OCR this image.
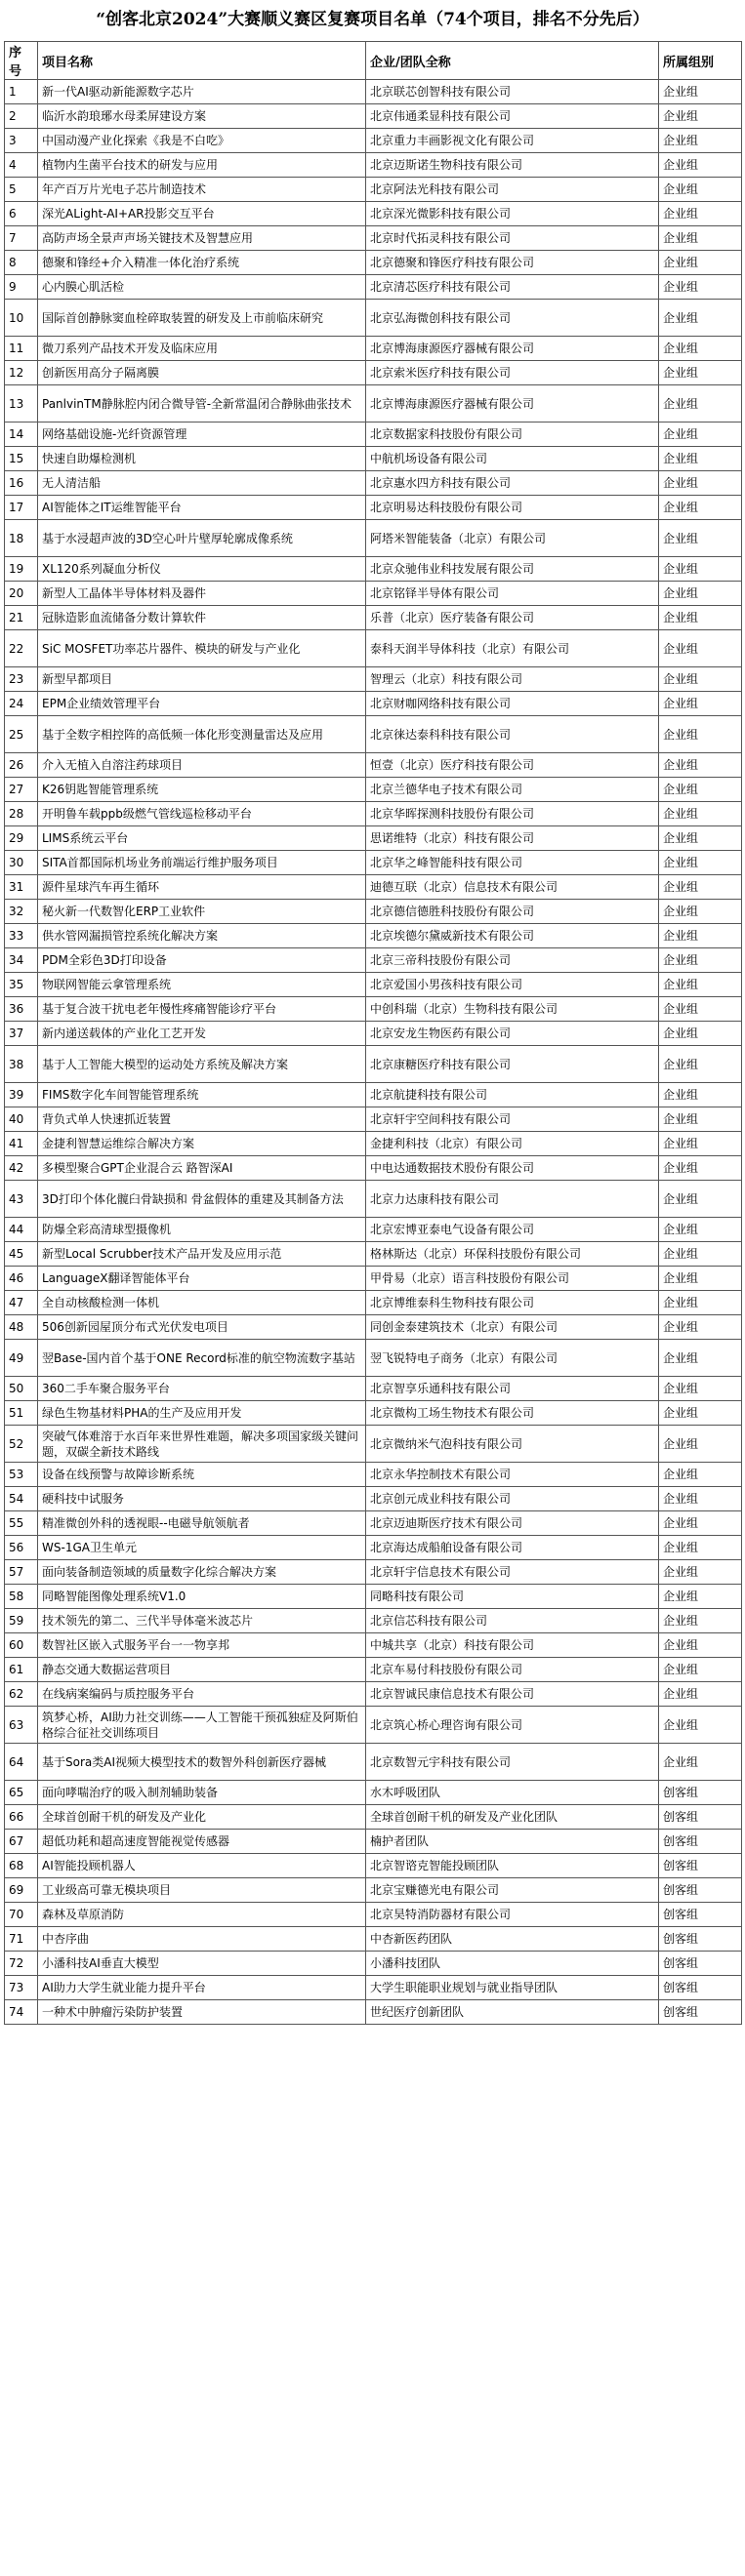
“创客北京2024”大赛顺义赛区复赛项目名单（74个项目，排名不分先后）
序号	项目名称	企业/团队全称	所属组别
1	新一代AI驱动新能源数字芯片	北京联芯创智科技有限公司	企业组
2	临沂水韵琅琊水母柔屏建设方案	北京伟通柔显科技有限公司	企业组
3	中国动漫产业化探索《我是不白吃》	北京重力丰画影视文化有限公司	企业组
4	植物内生菌平台技术的研发与应用	北京迈斯诺生物科技有限公司	企业组
5	年产百万片光电子芯片制造技术	北京阿法光科技有限公司	企业组
6	深光ALight-AI+AR投影交互平台	北京深光微影科技有限公司	企业组
7	高防声场全景声声场关键技术及智慧应用	北京时代拓灵科技有限公司	企业组
8	德聚和锋经+介入精准一体化治疗系统	北京德聚和锋医疗科技有限公司	企业组
9	心内膜心肌活检	北京清芯医疗科技有限公司	企业组
10	国际首创静脉窦血栓碎取装置的研发及上市前临床研究	北京弘海微创科技有限公司	企业组
11	微刀系列产品技术开发及临床应用	北京博海康源医疗器械有限公司	企业组
12	创新医用高分子隔离膜	北京索米医疗科技有限公司	企业组
13	PanlvinTM静脉腔内闭合微导管-全新常温闭合静脉曲张技术	北京博海康源医疗器械有限公司	企业组
14	网络基础设施-光纤资源管理	北京数据家科技股份有限公司	企业组
15	快速自助爆检测机	中航机场设备有限公司	企业组
16	无人清洁船	北京惠水四方科技有限公司	企业组
17	AI智能体之IT运维智能平台	北京明易达科技股份有限公司	企业组
18	基于水浸超声波的3D空心叶片壁厚轮廓成像系统	阿塔米智能装备（北京）有限公司	企业组
19	XL120系列凝血分析仪	北京众驰伟业科技发展有限公司	企业组
20	新型人工晶体半导体材料及器件	北京铭铎半导体有限公司	企业组
21	冠脉造影血流储备分数计算软件	乐普（北京）医疗装备有限公司	企业组
22	SiC MOSFET功率芯片器件、模块的研发与产业化	泰科天润半导体科技（北京）有限公司	企业组
23	新型早都项目	智理云（北京）科技有限公司	企业组
24	EPM企业绩效管理平台	北京财咖网络科技有限公司	企业组
25	基于全数字相控阵的高低频一体化形变测量雷达及应用	北京徕达泰科科技有限公司	企业组
26	介入无植入自溶注药球项目	恒壹（北京）医疗科技有限公司	企业组
27	K26钥匙智能管理系统	北京兰德华电子技术有限公司	企业组
28	开明鲁车载ppb级燃气管线巡检移动平台	北京华晖探测科技股份有限公司	企业组
29	LIMS系统云平台	思诺维特（北京）科技有限公司	企业组
30	SITA首都国际机场业务前端运行维护服务项目	北京华之峰智能科技有限公司	企业组
31	源件星球汽车再生循环	迪德互联（北京）信息技术有限公司	企业组
32	秘火新一代数智化ERP工业软件	北京德信德胜科技股份有限公司	企业组
33	供水管网漏损管控系统化解决方案	北京埃德尔黛威新技术有限公司	企业组
34	PDM全彩色3D打印设备	北京三帝科技股份有限公司	企业组
35	物联网智能云拿管理系统	北京爱国小男孩科技有限公司	企业组
36	基于复合波干扰电老年慢性疼痛智能诊疗平台	中创科瑞（北京）生物科技有限公司	企业组
37	新内递送载体的产业化工艺开发	北京安龙生物医药有限公司	企业组
38	基于人工智能大模型的运动处方系统及解决方案	北京康糖医疗科技有限公司	企业组
39	FIMS数字化车间智能管理系统	北京航捷科技有限公司	企业组
40	背负式单人快速抓近装置	北京轩宇空间科技有限公司	企业组
41	金捷利智慧运维综合解决方案	金捷利科技（北京）有限公司	企业组
42	多模型聚合GPT企业混合云 路智深AI	中电达通数据技术股份有限公司	企业组
43	3D打印个体化髋臼骨缺损和 骨盆假体的重建及其制备方法	北京力达康科技有限公司	企业组
44	防爆全彩高清球型摄像机	北京宏博亚泰电气设备有限公司	企业组
45	新型Local Scrubber技术产品开发及应用示范	格林斯达（北京）环保科技股份有限公司	企业组
46	LanguageX翻译智能体平台	甲骨易（北京）语言科技股份有限公司	企业组
47	全自动核酸检测一体机	北京博维泰科生物科技有限公司	企业组
48	506创新园屋顶分布式光伏发电项目	同创金泰建筑技术（北京）有限公司	企业组
49	翌Base-国内首个基于ONE Record标准的航空物流数字基站	翌飞锐特电子商务（北京）有限公司	企业组
50	360二手车聚合服务平台	北京智享乐通科技有限公司	企业组
51	绿色生物基材料PHA的生产及应用开发	北京微构工场生物技术有限公司	企业组
52	突破气体难溶于水百年来世界性难题，解决多项国家级关键问题，双碳全新技术路线	北京微纳米气泡科技有限公司	企业组
53	设备在线预警与故障诊断系统	北京永华控制技术有限公司	企业组
54	硬科技中试服务	北京创元成业科技有限公司	企业组
55	精准微创外科的透视眼--电磁导航领航者	北京迈迪斯医疗技术有限公司	企业组
56	WS-1GA卫生单元	北京海达成船舶设备有限公司	企业组
57	面向装备制造领域的质量数字化综合解决方案	北京轩宇信息技术有限公司	企业组
58	同略智能图像处理系统V1.0	同略科技有限公司	企业组
59	技术领先的第二、三代半导体毫米波芯片	北京信芯科技有限公司	企业组
60	数智社区嵌入式服务平台一一物享邦	中城共享（北京）科技有限公司	企业组
61	静态交通大数据运营项目	北京车易付科技股份有限公司	企业组
62	在线病案编码与质控服务平台	北京智诚民康信息技术有限公司	企业组
63	筑梦心桥，AI助力社交训练——人工智能干预孤独症及阿斯伯格综合征社交训练项目	北京筑心桥心理咨询有限公司	企业组
64	基于Sora类AI视频大模型技术的数智外科创新医疗器械	北京数智元宇科技有限公司	企业组
65	面向哮喘治疗的吸入制剂辅助装备	水木呼吸团队	创客组
66	全球首创耐干机的研发及产业化	全球首创耐干机的研发及产业化团队	创客组
67	超低功耗和超高速度智能视觉传感器	楠护者团队	创客组
68	AI智能投顾机器人	北京智谘克智能投顾团队	创客组
69	工业级高可靠无模块项目	北京宝赚德光电有限公司	创客组
70	森林及草原消防	北京昊特消防器材有限公司	创客组
71	中杏序曲	中杏新医药团队	创客组
72	小潘科技AI垂直大模型	小潘科技团队	创客组
73	AI助力大学生就业能力提升平台	大学生职能职业规划与就业指导团队	创客组
74	一种术中肿瘤污染防护装置	世纪医疗创新团队	创客组
